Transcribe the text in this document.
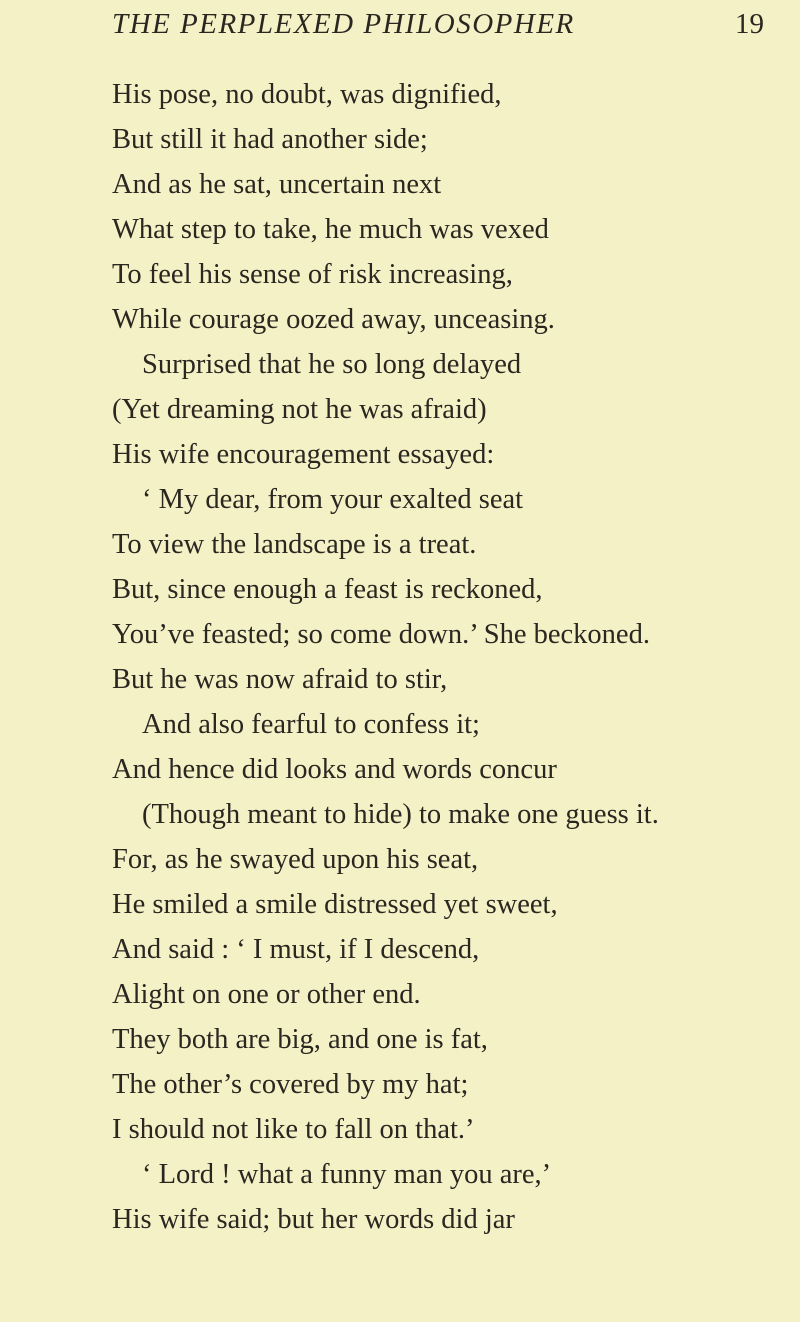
THE PERPLEXED PHILOSOPHER	19
His pose, no doubt, was dignified,
But still it had another side;
And as he sat, uncertain next
What step to take, he much was vexed
To feel his sense of risk increasing,
While courage oozed away, unceasing.
Surprised that he so long delayed
(Yet dreaming not he was afraid)
His wife encouragement essayed:
‘ My dear, from your exalted seat
To view the landscape is a treat.
But, since enough a feast is reckoned,
You’ve feasted; so come down.’ She beckoned.
But he was now afraid to stir,
And also fearful to confess it;
And hence did looks and words concur
(Though meant to hide) to make one guess it.
For, as he swayed upon his seat,
He smiled a smile distressed yet sweet,
And said : ‘ I must, if I descend,
Alight on one or other end.
They both are big, and one is fat,
The other’s covered by my hat;
I should not like to fall on that.’
‘ Lord ! what a funny man you are,’
His wife said; but her words did jar
